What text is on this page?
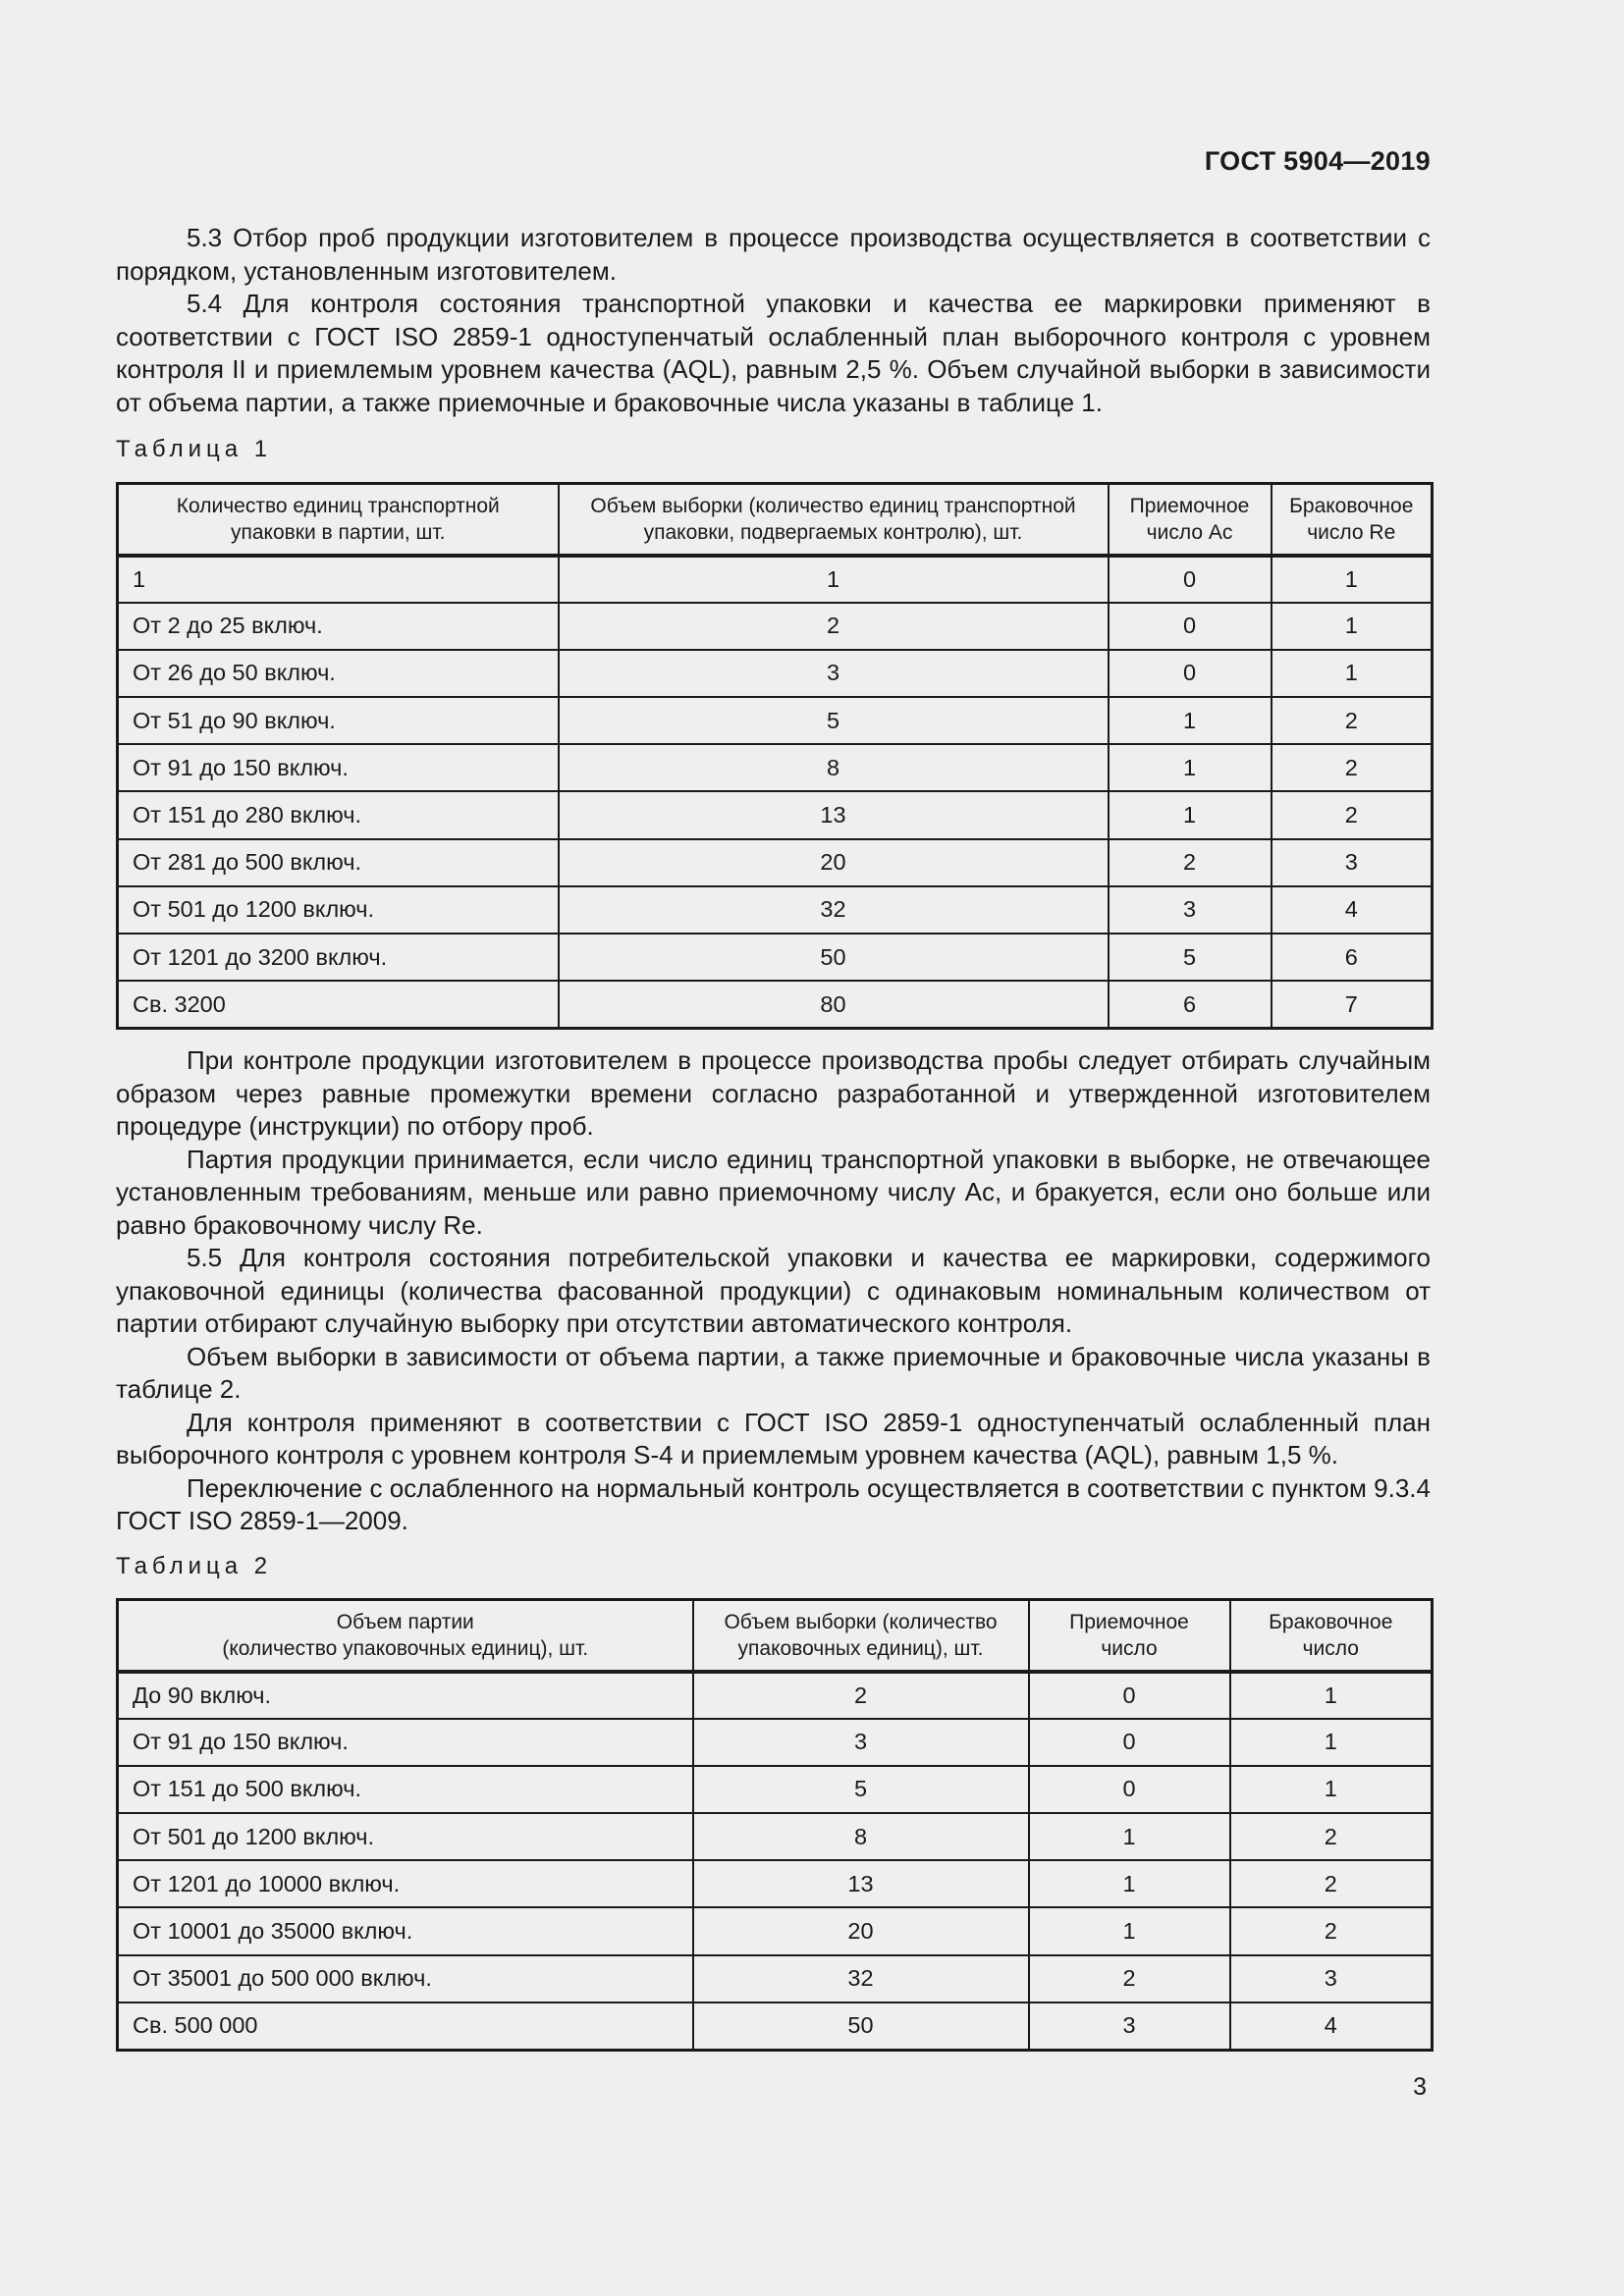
ГОСТ 5904—2019

5.3 Отбор проб продукции изготовителем в процессе производства осуществляется в соответствии с порядком, установленным изготовителем.

5.4 Для контроля состояния транспортной упаковки и качества ее маркировки применяют в соответствии с ГОСТ ISO 2859-1 одноступенчатый ослабленный план выборочного контроля с уровнем контроля II и приемлемым уровнем качества (AQL), равным 2,5 %. Объем случайной выборки в зависимости от объема партии, а также приемочные и браковочные числа указаны в таблице 1.

Таблица 1
Количество единиц транспортной упаковки в партии, шт.	Объем выборки (количество единиц транспортной упаковки, подвергаемых контролю), шт.	Приемочное число Ac	Браковочное число Re
1	1	0	1
От 2 до 25 включ.	2	0	1
От 26 до 50 включ.	3	0	1
От 51 до 90 включ.	5	1	2
От 91 до 150 включ.	8	1	2
От 151 до 280 включ.	13	1	2
От 281 до 500 включ.	20	2	3
От 501 до 1200 включ.	32	3	4
От 1201 до 3200 включ.	50	5	6
Св. 3200	80	6	7

При контроле продукции изготовителем в процессе производства пробы следует отбирать случайным образом через равные промежутки времени согласно разработанной и утвержденной изготовителем процедуре (инструкции) по отбору проб.

Партия продукции принимается, если число единиц транспортной упаковки в выборке, не отвечающее установленным требованиям, меньше или равно приемочному числу Ac, и бракуется, если оно больше или равно браковочному числу Re.

5.5 Для контроля состояния потребительской упаковки и качества ее маркировки, содержимого упаковочной единицы (количества фасованной продукции) с одинаковым номинальным количеством от партии отбирают случайную выборку при отсутствии автоматического контроля.

Объем выборки в зависимости от объема партии, а также приемочные и браковочные числа указаны в таблице 2.

Для контроля применяют в соответствии с ГОСТ ISO 2859-1 одноступенчатый ослабленный план выборочного контроля с уровнем контроля S-4 и приемлемым уровнем качества (AQL), равным 1,5 %.

Переключение с ослабленного на нормальный контроль осуществляется в соответствии с пунктом 9.3.4 ГОСТ ISO 2859-1—2009.

Таблица 2
Объем партии
(количество упаковочных единиц), шт.	Объем выборки (количество упаковочных единиц), шт.	Приемочное число	Браковочное число
До 90 включ.	2	0	1
От 91 до 150 включ.	3	0	1
От 151 до 500 включ.	5	0	1
От 501 до 1200 включ.	8	1	2
От 1201 до 10000 включ.	13	1	2
От 10001 до 35000 включ.	20	1	2
От 35001 до 500 000 включ.	32	2	3
Св. 500 000	50	3	4
3
